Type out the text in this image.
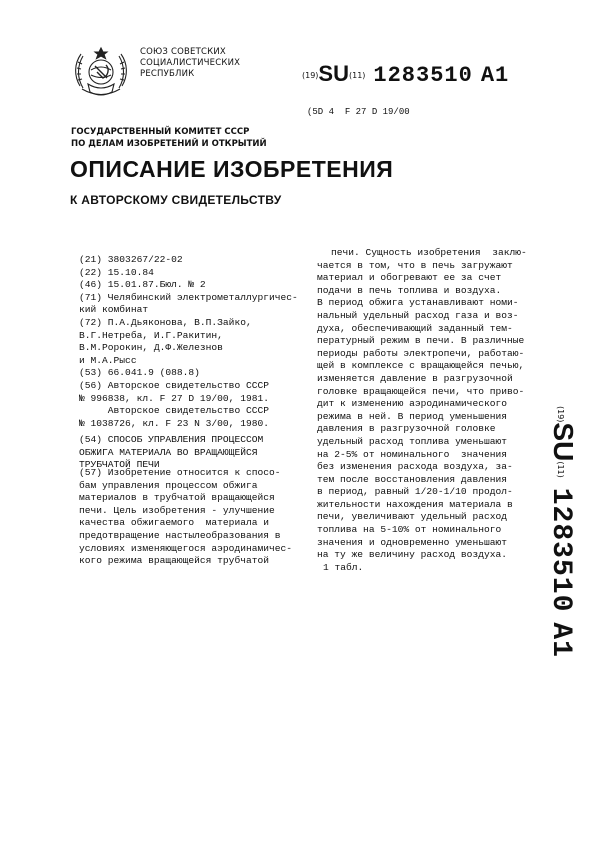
СОЮЗ СОВЕТСКИХ
СОЦИАЛИСТИЧЕСКИХ
РЕСПУБЛИК	(19)SU(11) 1283510 A1
(5D 4 F 27 D 19/00
ГОСУДАРСТВЕННЫЙ КОМИТЕТ СССР
ПО ДЕЛАМ ИЗОБРЕТЕНИЙ И ОТКРЫТИЙ
ОПИСАНИЕ ИЗОБРЕТЕНИЯ
К АВТОРСКОМУ СВИДЕТЕЛЬСТВУ
(21) 3803267/22-02
(22) 15.10.84
(46) 15.01.87.Бюл. № 2
(71) Челябинский электрометаллургичес-
кий комбинат
(72) П.А.Дьяконова, В.П.Зайко,
В.Г.Нетреба, И.Г.Ракитин,
В.М.Ророкин, Д.Ф.Железнов
и М.А.Рысс
(53) 66.041.9 (088.8)
(56) Авторское свидетельство СССР
№ 996838, кл. F 27 D 19/00, 1981.
Авторское свидетельство СССР
№ 1038726, кл. F 23 N 3/00, 1980.
(54) СПОСОБ УПРАВЛЕНИЯ ПРОЦЕССОМ
ОБЖИГА МАТЕРИАЛА ВО ВРАЩАЮЩЕЙСЯ
ТРУБЧАТОЙ ПЕЧИ
(57) Изобретение относится к спосо-
бам управления процессом обжига
материалов в трубчатой вращающейся
печи. Цель изобретения - улучшение
качества обжигаемого  материала и
предотвращение настылеобразования в
условиях изменяющегося аэродинамичес-
кого режима вращающейся трубчатой
печи. Сущность изобретения  заклю-
чается в том, что в печь загружают
материал и обогревают ее за счет
подачи в печь топлива и воздуха.
В период обжига устанавливают номи-
нальный удельный расход газа и воз-
духа, обеспечивающий заданный тем-
пературный режим в печи. В различные
периоды работы электропечи, работаю-
щей в комплексе с вращающейся печью,
изменяется давление в разгрузочной
головке вращающейся печи, что приво-
дит к изменению аэродинамического
режима в ней. В период уменьшения
давления в разгрузочной головке
удельный расход топлива уменьшают
на 2-5% от номинального  значения
без изменения расхода воздуха, за-
тем после восстановления давления
в период, равный 1/20-1/10 продол-
жительности нахождения материала в
печи, увеличивают удельный расход
топлива на 5-10% от номинального
значения и одновременно уменьшают
на ту же величину расход воздуха.
1 табл.
$^{(19)}$SU$^{(11)}$1283510A1
